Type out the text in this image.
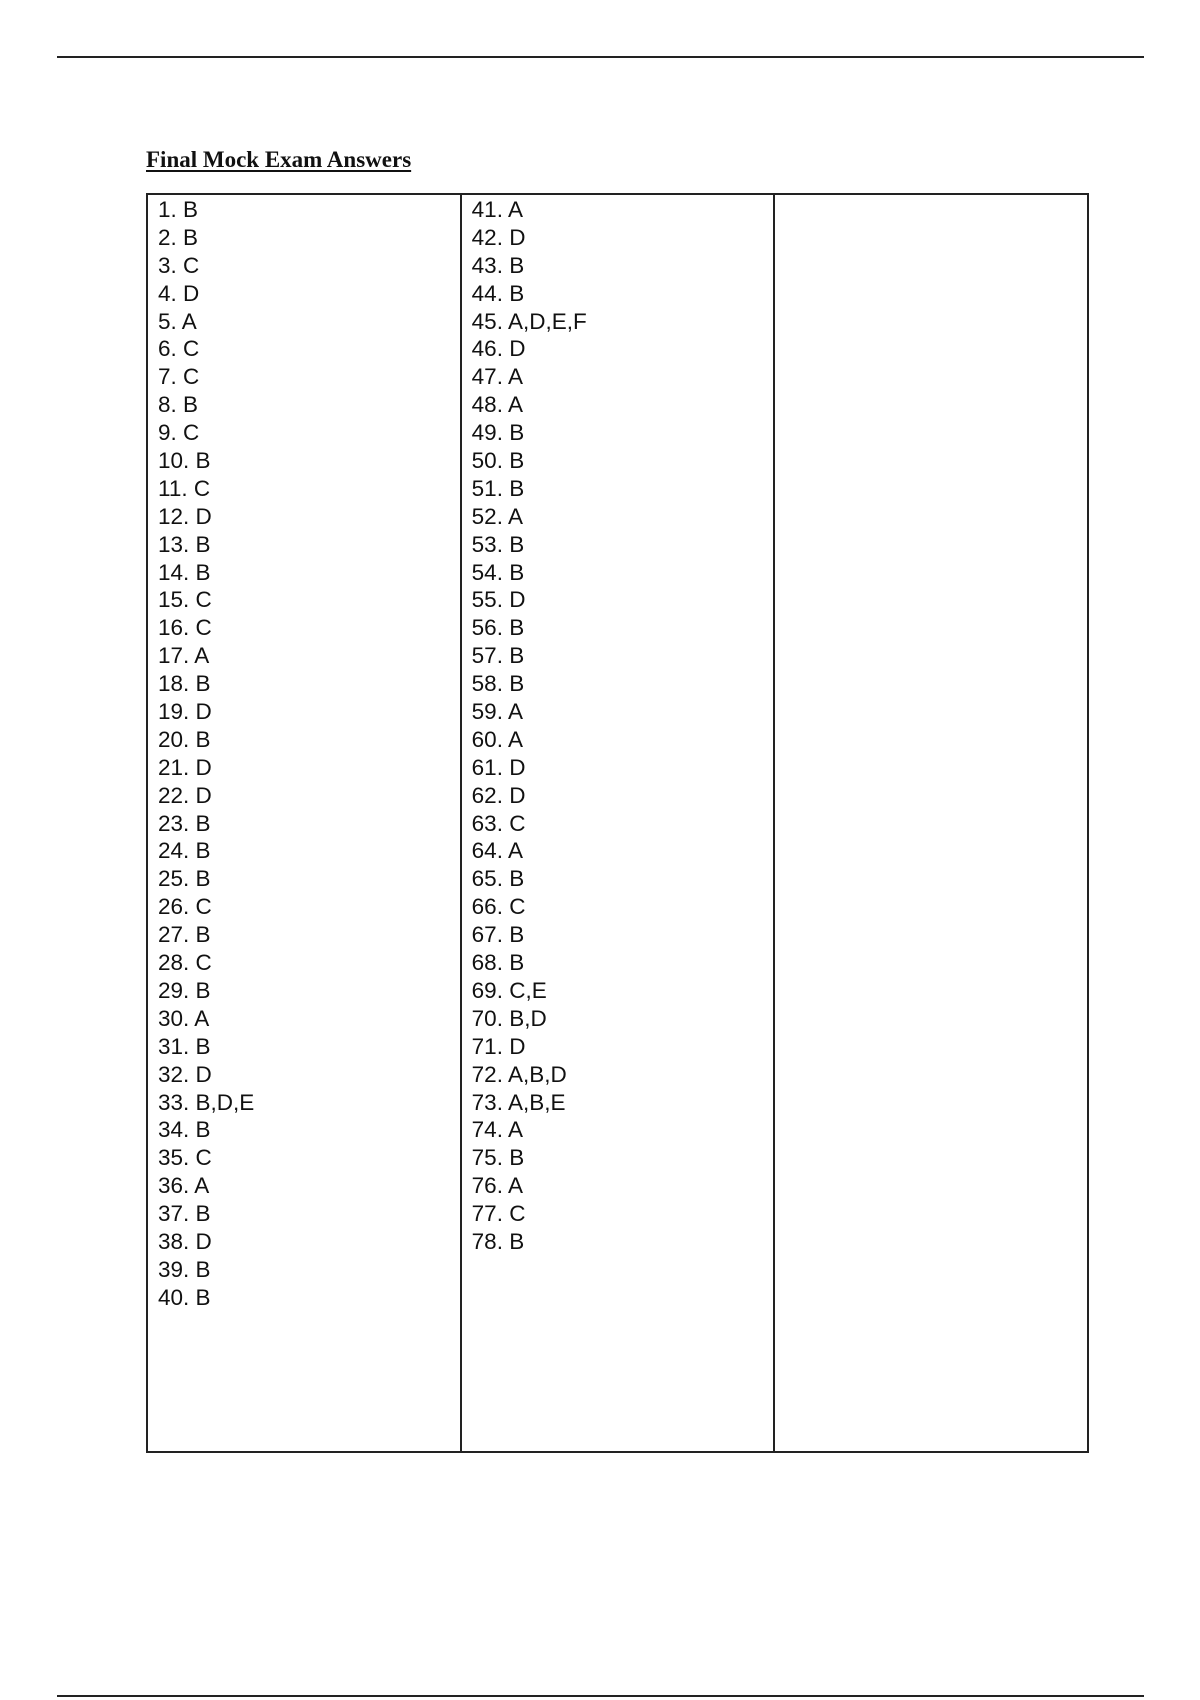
Final Mock Exam Answers
1. B
2. B
3. C
4. D
5. A
6. C
7. C
8. B
9. C
10. B
11. C
12. D
13. B
14. B
15. C
16. C
17. A
18. B
19. D
20. B
21. D
22. D
23. B
24. B
25. B
26. C
27. B
28. C
29. B
30. A
31. B
32. D
33. B,D,E
34. B
35. C
36. A
37. B
38. D
39. B
40. B
41. A
42. D
43. B
44. B
45. A,D,E,F
46. D
47. A
48. A
49. B
50. B
51. B
52. A
53. B
54. B
55. D
56. B
57. B
58. B
59. A
60. A
61. D
62. D
63. C
64. A
65. B
66. C
67. B
68. B
69. C,E
70. B,D
71. D
72. A,B,D
73. A,B,E
74. A
75. B
76. A
77. C
78. B
